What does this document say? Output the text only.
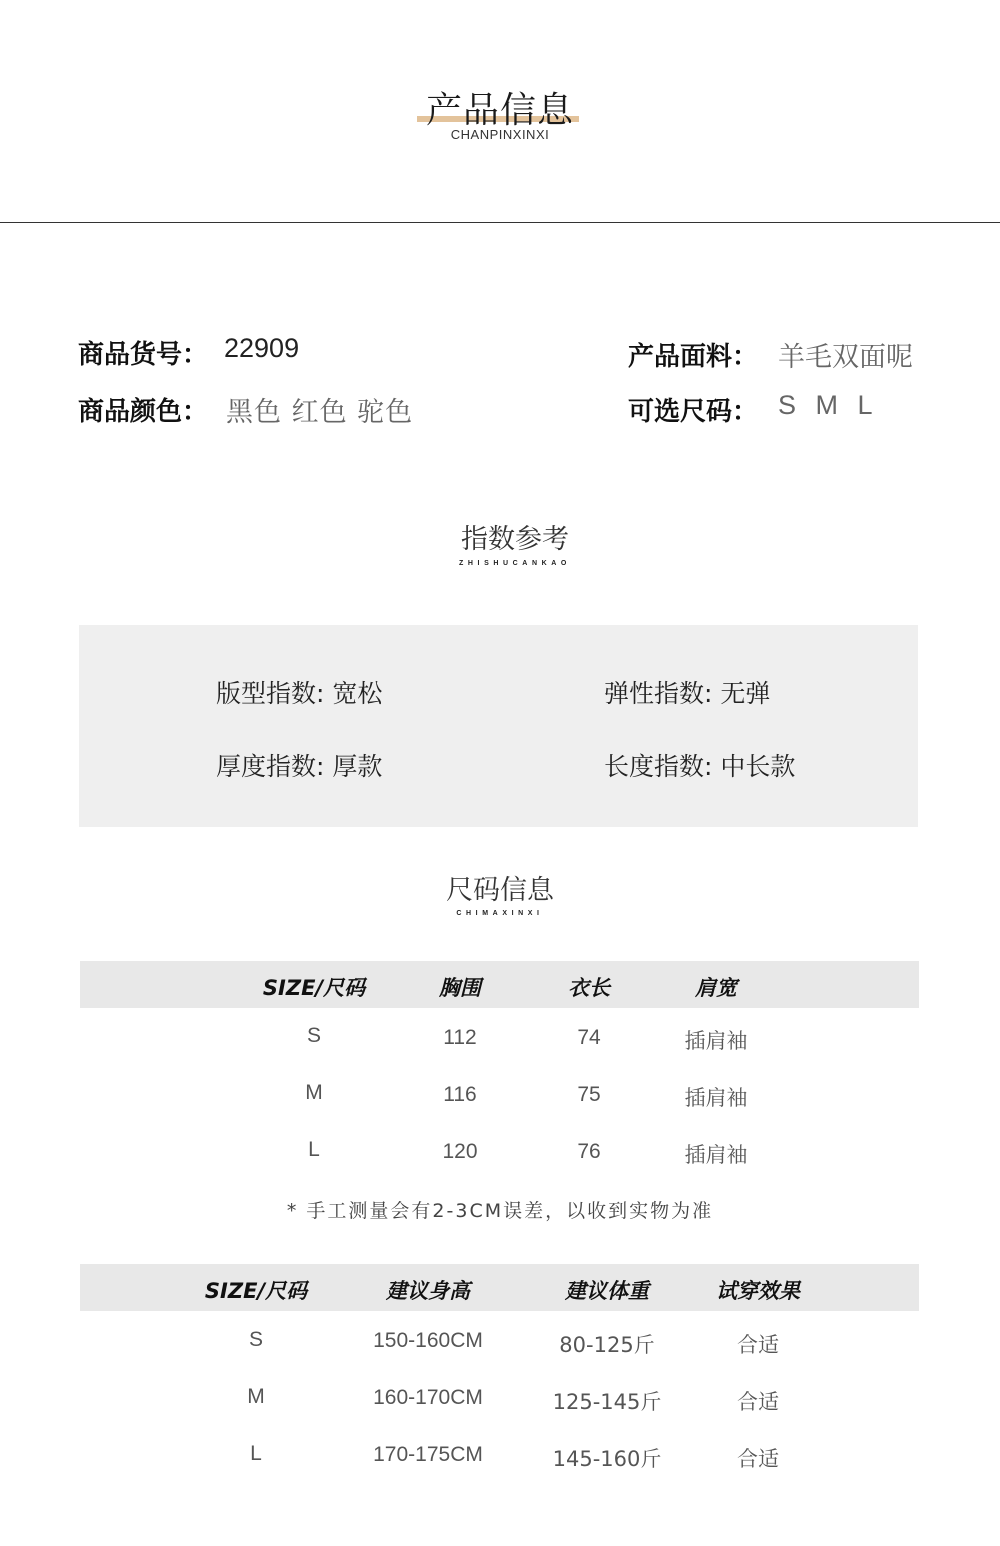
产品信息
CHANPINXINXI
商品货号： 22909	产品面料： 羊毛双面呢
商品颜色： 黑色 红色 驼色	可选尺码： S M L
指数参考
ZHISHUCANKAO
版型指数: 宽松	弹性指数: 无弹
厚度指数: 厚款	长度指数: 中长款
尺码信息
CHIMAXINXI
SIZE/尺码	胸围	衣长	肩宽
S	112	74	插肩袖
M	116	75	插肩袖
L	120	76	插肩袖
* 手工测量会有2-3CM误差，以收到实物为准
SIZE/尺码	建议身高	建议体重	试穿效果
S	150-160CM	80-125斤	合适
M	160-170CM	125-145斤	合适
L	170-175CM	145-160斤	合适
